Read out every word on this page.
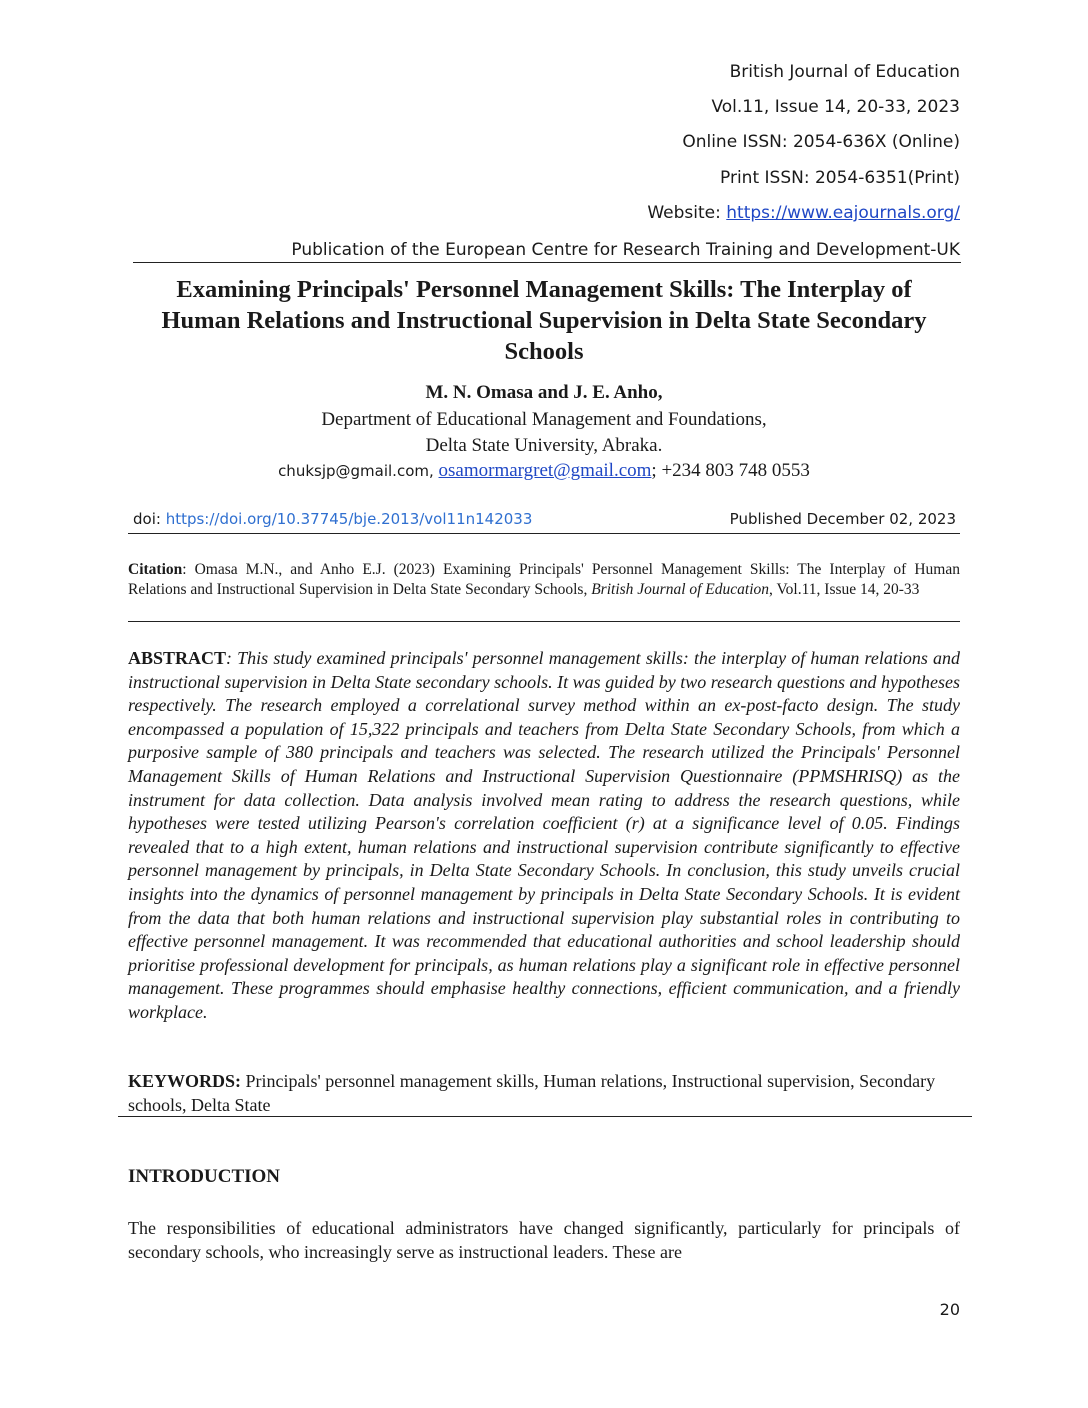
British Journal of Education
Vol.11, Issue 14, 20-33, 2023
Online ISSN: 2054-636X (Online)
Print ISSN: 2054-6351(Print)
Website: https://www.eajournals.org/
Publication of the European Centre for Research Training and Development-UK
Examining Principals' Personnel Management Skills: The Interplay of
Human Relations and Instructional Supervision in Delta State Secondary
Schools
M. N. Omasa and J. E. Anho,
Department of Educational Management and Foundations,
Delta State University, Abraka.
chuksjp@gmail.com, osamormargret@gmail.com; +234 803 748 0553
doi: https://doi.org/10.37745/bje.2013/vol11n142033	Published December 02, 2023
Citation: Omasa M.N., and Anho E.J. (2023) Examining Principals' Personnel Management Skills: The Interplay of Human Relations and Instructional Supervision in Delta State Secondary Schools, British Journal of Education, Vol.11, Issue 14, 20-33
ABSTRACT: This study examined principals' personnel management skills: the interplay of human relations and instructional supervision in Delta State secondary schools. It was guided by two research questions and hypotheses respectively. The research employed a correlational survey method within an ex-post-facto design. The study encompassed a population of 15,322 principals and teachers from Delta State Secondary Schools, from which a purposive sample of 380 principals and teachers was selected. The research utilized the Principals' Personnel Management Skills of Human Relations and Instructional Supervision Questionnaire (PPMSHRISQ) as the instrument for data collection. Data analysis involved mean rating to address the research questions, while hypotheses were tested utilizing Pearson's correlation coefficient (r) at a significance level of 0.05. Findings revealed that to a high extent, human relations and instructional supervision contribute significantly to effective personnel management by principals, in Delta State Secondary Schools. In conclusion, this study unveils crucial insights into the dynamics of personnel management by principals in Delta State Secondary Schools. It is evident from the data that both human relations and instructional supervision play substantial roles in contributing to effective personnel management. It was recommended that educational authorities and school leadership should prioritise professional development for principals, as human relations play a significant role in effective personnel management. These programmes should emphasise healthy connections, efficient communication, and a friendly workplace.
KEYWORDS: Principals' personnel management skills, Human relations, Instructional supervision, Secondary schools, Delta State
INTRODUCTION
The responsibilities of educational administrators have changed significantly, particularly for principals of secondary schools, who increasingly serve as instructional leaders. These are
20
